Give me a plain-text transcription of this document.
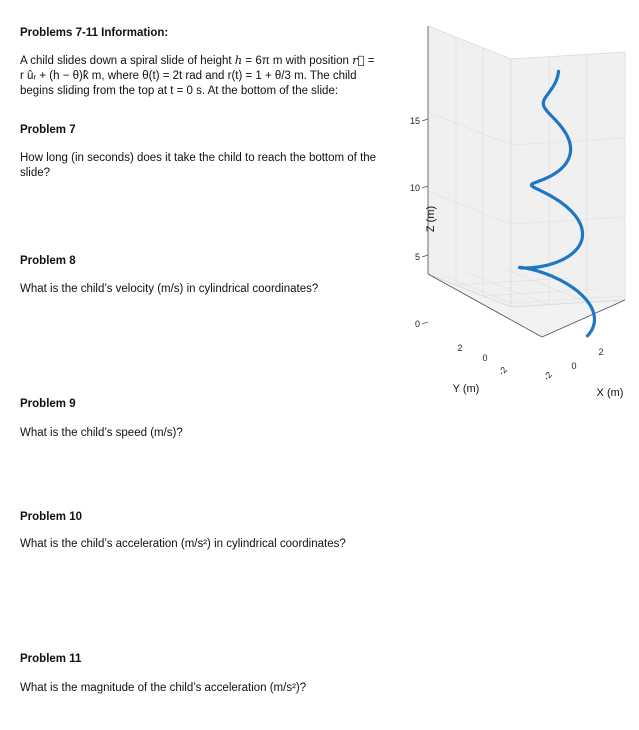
Problems 7-11 Information:
A child slides down a spiral slide of height h = 6π m with position r⃗ =
r ûᵣ + (h − θ)k̂ m, where θ(t) = 2t rad and r(t) = 1 + θ/3 m. The child
begins sliding from the top at t = 0 s. At the bottom of the slide:
Problem 7
How long (in seconds) does it take the child to reach the bottom of the slide?
Problem 8
What is the child’s velocity (m/s) in cylindrical coordinates?
Problem 9
What is the child’s speed (m/s)?
Problem 10
What is the child’s acceleration (m/s²) in cylindrical coordinates?
Problem 11
What is the magnitude of the child’s acceleration (m/s²)?
15
10
5
0
Z (m)
2
0
-2
Y (m)
-2
0
2
X (m)
